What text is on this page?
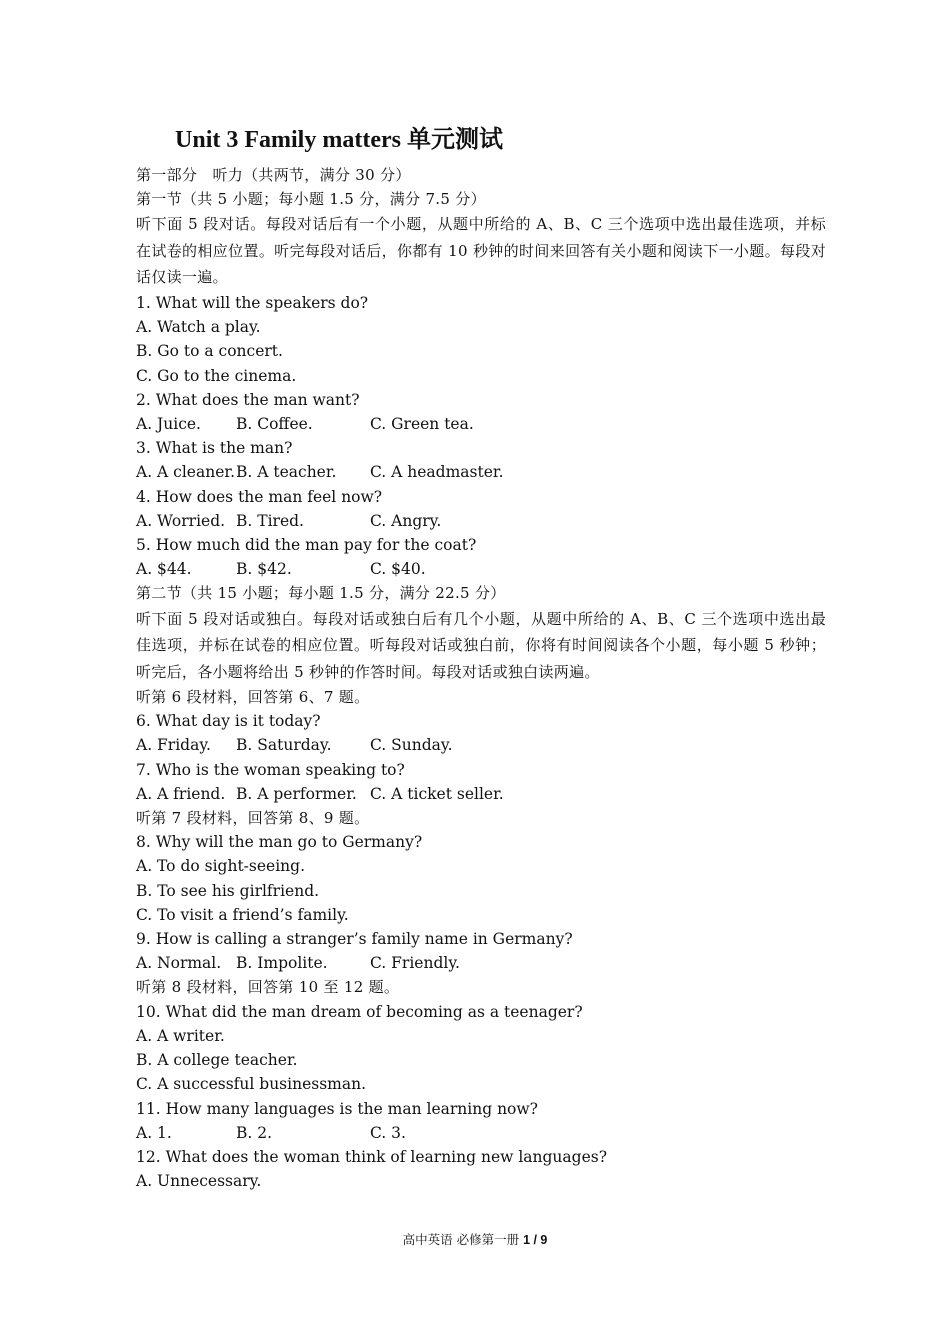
Unit 3 Family matters 单元测试
第一部分　听力（共两节，满分 30 分）
第一节（共 5 小题；每小题 1.5 分，满分 7.5 分）
听下面 5 段对话。每段对话后有一个小题，从题中所给的 A、B、C 三个选项中选出最佳选项，并标在试卷的相应位置。听完每段对话后，你都有 10 秒钟的时间来回答有关小题和阅读下一小题。每段对话仅读一遍。
1. What will the speakers do?
A. Watch a play.
B. Go to a concert.
C. Go to the cinema.
2. What does the man want?
A. Juice.	B. Coffee.	C. Green tea.
3. What is the man?
A. A cleaner. B. A teacher.	C. A headmaster.
4. How does the man feel now?
A. Worried. B. Tired.	C. Angry.
5. How much did the man pay for the coat?
A. $44.	B. $42.	C. $40.
第二节（共 15 小题；每小题 1.5 分，满分 22.5 分）
听下面 5 段对话或独白。每段对话或独白后有几个小题，从题中所给的 A、B、C 三个选项中选出最佳选项，并标在试卷的相应位置。听每段对话或独白前，你将有时间阅读各个小题，每小题 5 秒钟；听完后，各小题将给出 5 秒钟的作答时间。每段对话或独白读两遍。
听第 6 段材料，回答第 6、7 题。
6. What day is it today?
A. Friday.	B. Saturday.	C. Sunday.
7. Who is the woman speaking to?
A. A friend. B. A performer. C. A ticket seller.
听第 7 段材料，回答第 8、9 题。
8. Why will the man go to Germany?
A. To do sight-seeing.
B. To see his girlfriend.
C. To visit a friend’s family.
9. How is calling a stranger’s family name in Germany?
A. Normal. B. Impolite.	C. Friendly.
听第 8 段材料，回答第 10 至 12 题。
10. What did the man dream of becoming as a teenager?
A. A writer.
B. A college teacher.
C. A successful businessman.
11. How many languages is the man learning now?
A. 1.	B. 2.	C. 3.
12. What does the woman think of learning new languages?
A. Unnecessary.
高中英语 必修第一册 1 / 9
